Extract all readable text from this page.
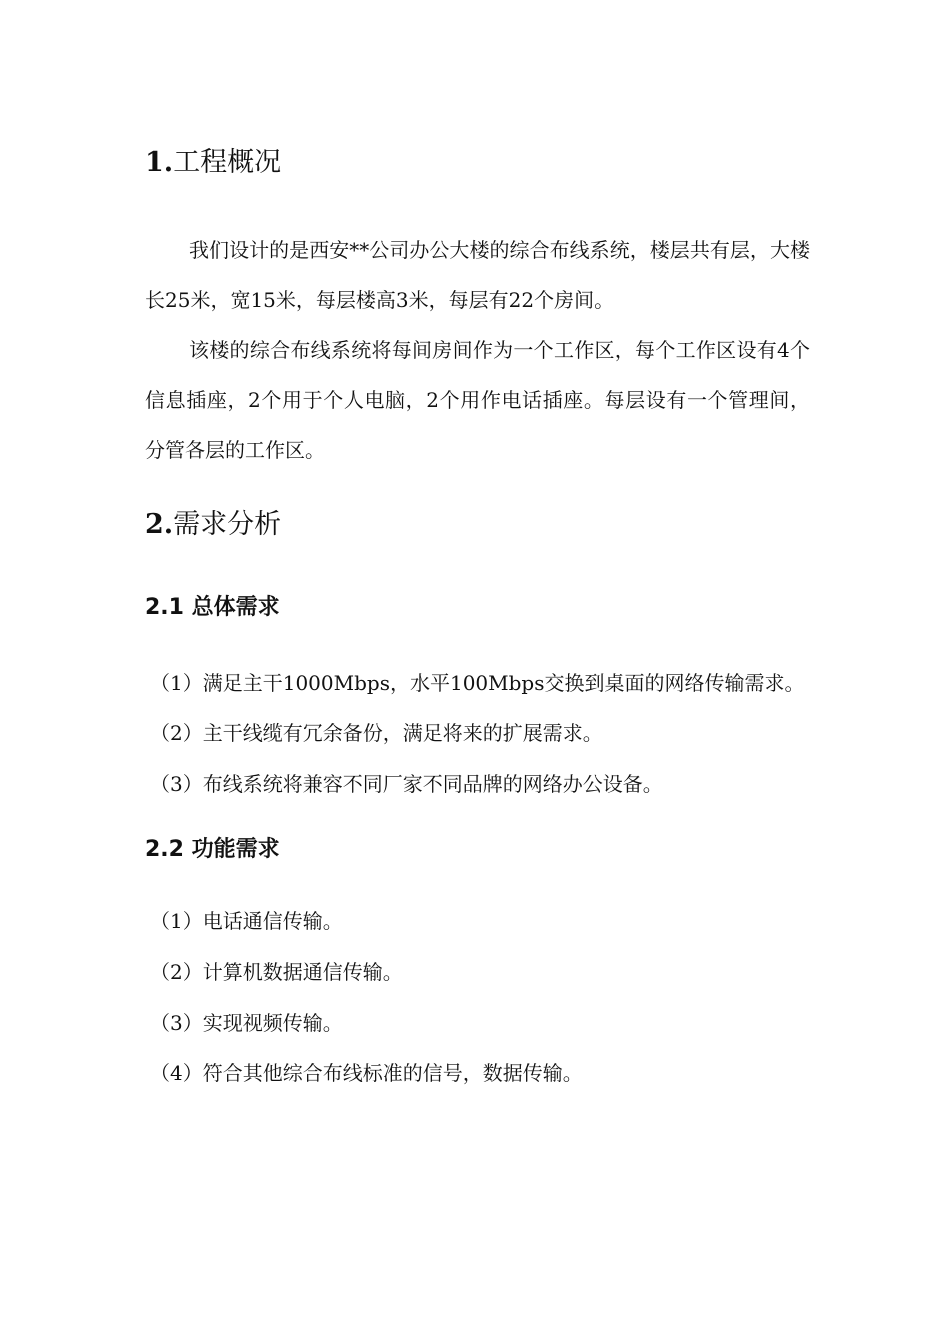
1.工程概况

我们设计的是西安**公司办公大楼的综合布线系统，楼层共有层，大楼长25米，宽15米，每层楼高3米，每层有22个房间。

该楼的综合布线系统将每间房间作为一个工作区，每个工作区设有4个信息插座，2个用于个人电脑，2个用作电话插座。每层设有一个管理间，分管各层的工作区。

2.需求分析
2.1 总体需求

（1）满足主干1000Mbps，水平100Mbps交换到桌面的网络传输需求。

（2）主干线缆有冗余备份，满足将来的扩展需求。

（3）布线系统将兼容不同厂家不同品牌的网络办公设备。

2.2 功能需求

（1）电话通信传输。

（2）计算机数据通信传输。

（3）实现视频传输。

（4）符合其他综合布线标准的信号，数据传输。
